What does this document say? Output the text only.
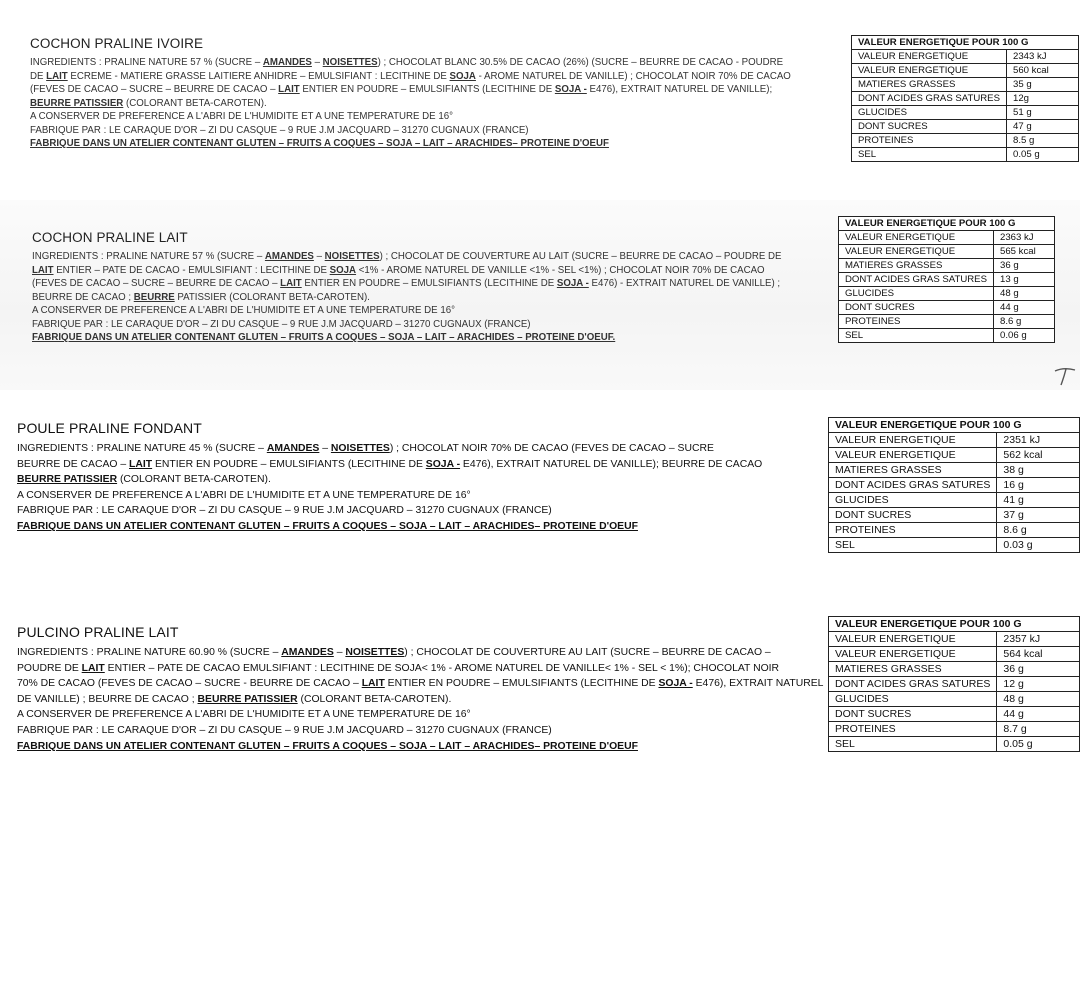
COCHON PRALINE IVOIRE
INGREDIENTS : PRALINE NATURE 57 % (SUCRE – AMANDES – NOISETTES) ; CHOCOLAT BLANC 30.5% DE CACAO (26%) (SUCRE – BEURRE DE CACAO - POUDRE
DE LAIT ECREME - MATIERE GRASSE LAITIERE ANHIDRE – EMULSIFIANT : LECITHINE DE SOJA - AROME NATUREL DE VANILLE) ; CHOCOLAT NOIR 70% DE CACAO
(FEVES DE CACAO – SUCRE – BEURRE DE CACAO – LAIT ENTIER EN POUDRE – EMULSIFIANTS (LECITHINE DE SOJA - E476), EXTRAIT NATUREL DE VANILLE);
BEURRE PATISSIER (COLORANT BETA-CAROTEN).
A CONSERVER DE PREFERENCE A L'ABRI DE L'HUMIDITE ET A UNE TEMPERATURE DE 16°
FABRIQUE PAR : LE CARAQUE D'OR – ZI DU CASQUE – 9 RUE J.M JACQUARD – 31270 CUGNAUX (FRANCE)
FABRIQUE DANS UN ATELIER CONTENANT GLUTEN – FRUITS A COQUES – SOJA – LAIT – ARACHIDES– PROTEINE D'OEUF
VALEUR ENERGETIQUE POUR 100 G	
VALEUR ENERGETIQUE	2343 kJ
VALEUR ENERGETIQUE	560 kcal
MATIERES GRASSES	35 g
DONT ACIDES GRAS SATURES	12g
GLUCIDES	51 g
DONT SUCRES	47 g
PROTEINES	8.5 g
SEL	0.05 g
COCHON PRALINE LAIT
INGREDIENTS : PRALINE NATURE 57 % (SUCRE – AMANDES – NOISETTES) ; CHOCOLAT DE COUVERTURE AU LAIT (SUCRE – BEURRE DE CACAO – POUDRE DE
LAIT ENTIER – PATE DE CACAO - EMULSIFIANT : LECITHINE DE SOJA <1% - AROME NATUREL DE VANILLE <1% - SEL <1%) ; CHOCOLAT NOIR 70% DE CACAO
(FEVES DE CACAO – SUCRE – BEURRE DE CACAO – LAIT ENTIER EN POUDRE – EMULSIFIANTS (LECITHINE DE SOJA - E476) - EXTRAIT NATUREL DE VANILLE) ;
BEURRE DE CACAO ; BEURRE PATISSIER (COLORANT BETA-CAROTEN).
A CONSERVER DE PREFERENCE A L'ABRI DE L'HUMIDITE ET A UNE TEMPERATURE DE 16°
FABRIQUE PAR : LE CARAQUE D'OR – ZI DU CASQUE – 9 RUE J.M JACQUARD – 31270 CUGNAUX (FRANCE)
FABRIQUE DANS UN ATELIER CONTENANT GLUTEN – FRUITS A COQUES – SOJA – LAIT – ARACHIDES – PROTEINE D'OEUF.
VALEUR ENERGETIQUE POUR 100 G	
VALEUR ENERGETIQUE	2363 kJ
VALEUR ENERGETIQUE	565 kcal
MATIERES GRASSES	36 g
DONT ACIDES GRAS SATURES	13 g
GLUCIDES	48 g
DONT SUCRES	44 g
PROTEINES	8.6 g
SEL	0.06 g
POULE PRALINE FONDANT
INGREDIENTS : PRALINE NATURE 45 % (SUCRE – AMANDES – NOISETTES) ; CHOCOLAT NOIR 70% DE CACAO (FEVES DE CACAO – SUCRE
BEURRE DE CACAO – LAIT ENTIER EN POUDRE – EMULSIFIANTS (LECITHINE DE SOJA - E476), EXTRAIT NATUREL DE VANILLE); BEURRE DE CACAO
BEURRE PATISSIER (COLORANT BETA-CAROTEN).
A CONSERVER DE PREFERENCE A L'ABRI DE L'HUMIDITE ET A UNE TEMPERATURE DE 16°
FABRIQUE PAR : LE CARAQUE D'OR – ZI DU CASQUE – 9 RUE J.M JACQUARD – 31270 CUGNAUX (FRANCE)
FABRIQUE DANS UN ATELIER CONTENANT GLUTEN – FRUITS A COQUES – SOJA – LAIT – ARACHIDES– PROTEINE D'OEUF
VALEUR ENERGETIQUE POUR 100 G	
VALEUR ENERGETIQUE	2351 kJ
VALEUR ENERGETIQUE	562 kcal
MATIERES GRASSES	38 g
DONT ACIDES GRAS SATURES	16 g
GLUCIDES	41 g
DONT SUCRES	37 g
PROTEINES	8.6 g
SEL	0.03 g
PULCINO PRALINE LAIT
INGREDIENTS : PRALINE NATURE 60.90 % (SUCRE – AMANDES – NOISETTES) ; CHOCOLAT DE COUVERTURE AU LAIT (SUCRE – BEURRE DE CACAO –
POUDRE DE LAIT ENTIER – PATE DE CACAO EMULSIFIANT : LECITHINE DE SOJA< 1% - AROME NATUREL DE VANILLE< 1% - SEL < 1%); CHOCOLAT NOIR
70% DE CACAO (FEVES DE CACAO – SUCRE - BEURRE DE CACAO – LAIT ENTIER EN POUDRE – EMULSIFIANTS (LECITHINE DE SOJA - E476), EXTRAIT NATUREL
DE VANILLE) ; BEURRE DE CACAO ; BEURRE PATISSIER (COLORANT BETA-CAROTEN).
A CONSERVER DE PREFERENCE A L'ABRI DE L'HUMIDITE ET A UNE TEMPERATURE DE 16°
FABRIQUE PAR : LE CARAQUE D'OR – ZI DU CASQUE – 9 RUE J.M JACQUARD – 31270 CUGNAUX (FRANCE)
FABRIQUE DANS UN ATELIER CONTENANT GLUTEN – FRUITS A COQUES – SOJA – LAIT – ARACHIDES– PROTEINE D'OEUF
VALEUR ENERGETIQUE POUR 100 G	
VALEUR ENERGETIQUE	2357 kJ
VALEUR ENERGETIQUE	564 kcal
MATIERES GRASSES	36 g
DONT ACIDES GRAS SATURES	12 g
GLUCIDES	48 g
DONT SUCRES	44 g
PROTEINES	8.7 g
SEL	0.05 g
